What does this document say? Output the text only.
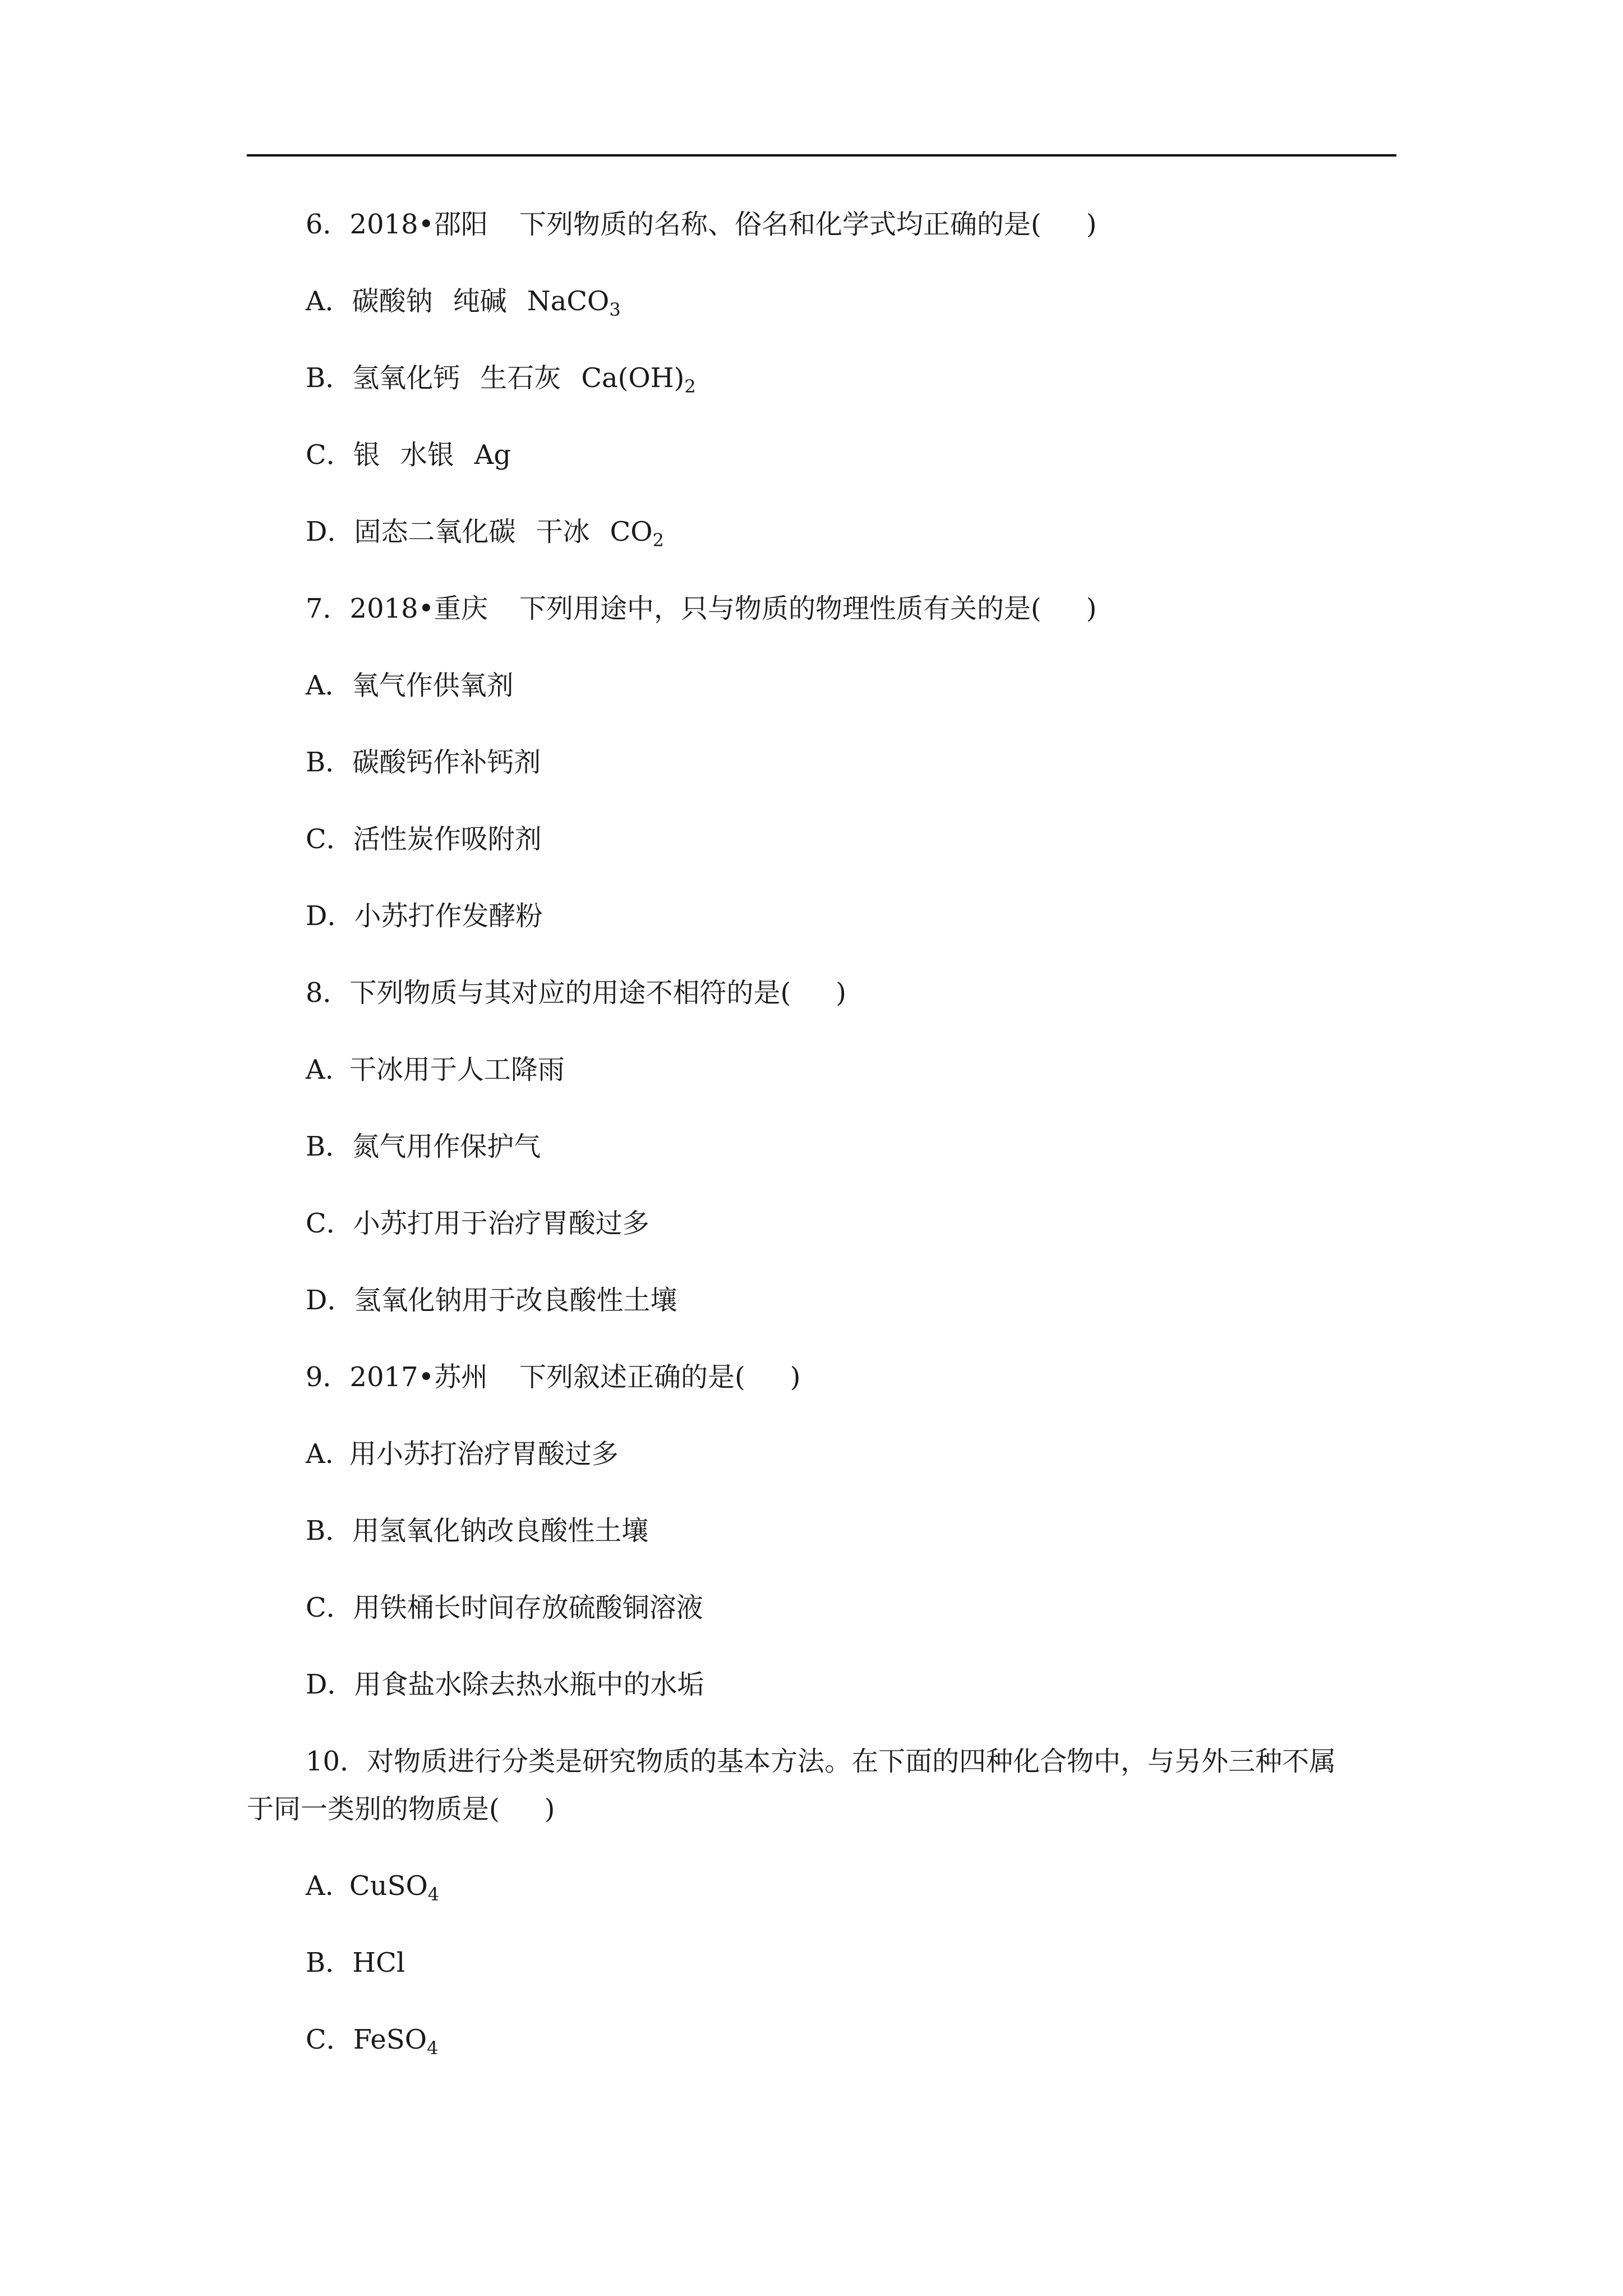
6．2018•邵阳 下列物质的名称、俗名和化学式均正确的是( )
A．碳酸钠 纯碱 NaCO$_3$
B．氢氧化钙 生石灰 $Ca(OH)_2$
C．银 水银 Ag
D．固态二氧化碳 干冰 $CO_2$
7．2018•重庆 下列用途中，只与物质的物理性质有关的是( )
A．氧气作供氧剂
B．碳酸钙作补钙剂
C．活性炭作吸附剂
D．小苏打作发酵粉
8．下列物质与其对应的用途不相符的是( )
A. 干冰用于人工降雨
B．氮气用作保护气
C．小苏打用于治疗胃酸过多
D．氢氧化钠用于改良酸性土壤
9．2017•苏州 下列叙述正确的是( )
A. 用小苏打治疗胃酸过多
B．用氢氧化钠改良酸性土壤
C．用铁桶长时间存放硫酸铜溶液
D．用食盐水除去热水瓶中的水垢
10．对物质进行分类是研究物质的基本方法。在下面的四种化合物中，与另外三种不属
于同一类别的物质是( )
A. CuSO$_4$
B．HCl
C．FeSO$_4$
